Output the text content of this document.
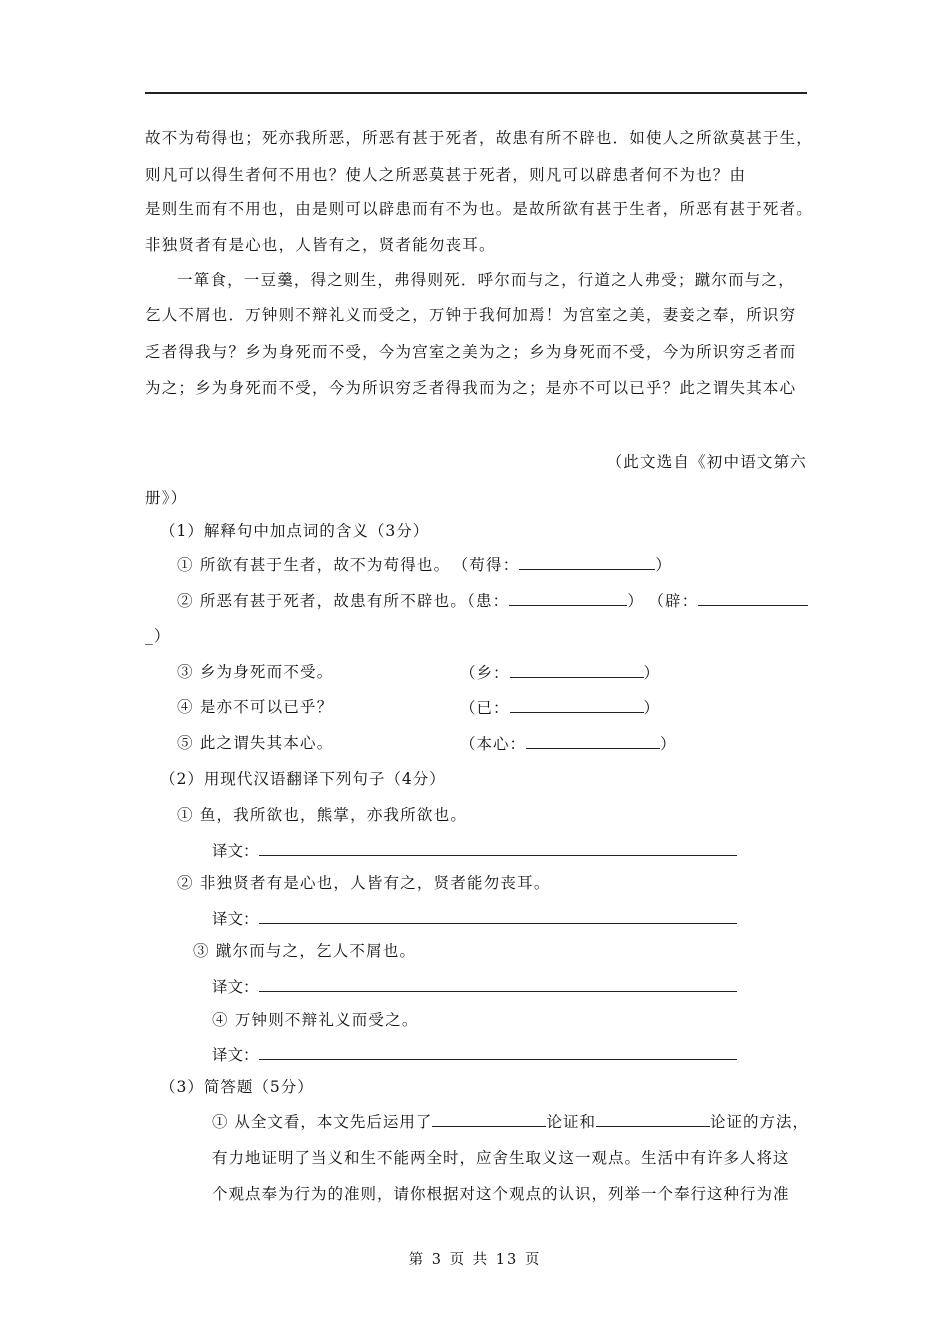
故不为苟得也；死亦我所恶，所恶有甚于死者，故患有所不辟也．如使人之所欲莫甚于生，
则凡可以得生者何不用也？使人之所恶莫甚于死者，则凡可以辟患者何不为也？由
是则生而有不用也，由是则可以辟患而有不为也。是故所欲有甚于生者，所恶有甚于死者。
非独贤者有是心也，人皆有之，贤者能勿丧耳。
一箪食，一豆羹，得之则生，弗得则死．呼尔而与之，行道之人弗受；蹴尔而与之，
乞人不屑也．万钟则不辩礼义而受之，万钟于我何加焉！为宫室之美，妻妾之奉，所识穷
乏者得我与？乡为身死而不受，今为宫室之美为之；乡为身死而不受，今为所识穷乏者而
为之；乡为身死而不受，今为所识穷乏者得我而为之；是亦不可以已乎？此之谓失其本心
（此文选自《初中语文第六
册》）
（1）解释句中加点词的含义（3分）
① 所欲有甚于生者，故不为苟得也。 （苟得：	）
② 所恶有甚于死者，故患有所不辟也。（患：	） （辟：
_）
③ 乡为身死而不受。	（乡：	）
④ 是亦不可以已乎？	（已：	）
⑤ 此之谓失其本心。	（本心：	）
（2）用现代汉语翻译下列句子（4分）
① 鱼，我所欲也，熊掌，亦我所欲也。
译文：
② 非独贤者有是心也，人皆有之，贤者能勿丧耳。
译文：
③ 蹴尔而与之，乞人不屑也。
译文：
④ 万钟则不辩礼义而受之。
译文：
（3）简答题（5分）
① 从全文看，本文先后运用了	论证和	论证的方法，
有力地证明了当义和生不能两全时，应舍生取义这一观点。生活中有许多人将这
个观点奉为行为的准则，请你根据对这个观点的认识，列举一个奉行这种行为准
第 3 页 共 13 页
